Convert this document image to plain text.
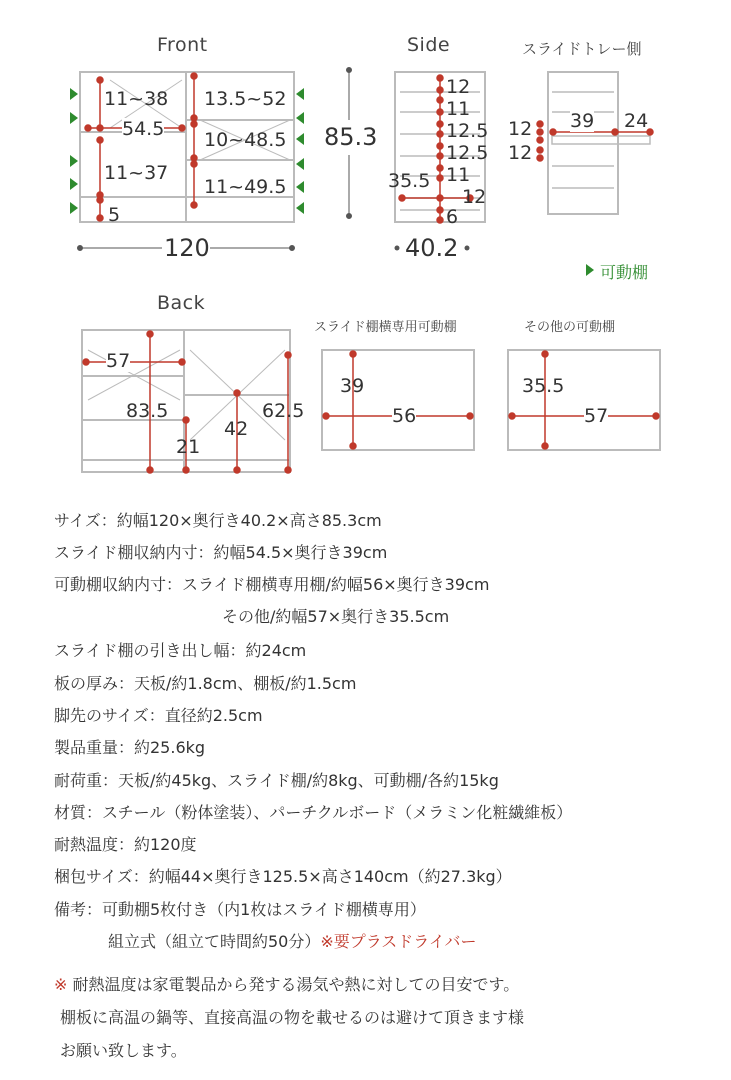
Front	Side	スライドトレー側
11~38
54.5
13.5~52
10~48.5
11~37
11~49.5
5
120
85.3
12
11
12.5
12.5
11
35.5
12
6
40.2
39 24
12
12
可動棚
Back
スライド棚横専用可動棚	その他の可動棚
57
83.5
21
42
62.5
39
56
35.5
57
サイズ：約幅120×奥行き40.2×高さ85.3cm
スライド棚収納内寸：約幅54.5×奥行き39cm
可動棚収納内寸：スライド棚横専用棚/約幅56×奥行き39cm
その他/約幅57×奥行き35.5cm
スライド棚の引き出し幅：約24cm
板の厚み：天板/約1.8cm、棚板/約1.5cm
脚先のサイズ：直径約2.5cm
製品重量：約25.6kg
耐荷重：天板/約45kg、スライド棚/約8kg、可動棚/各約15kg
材質：スチール（粉体塗装）、パーチクルボード（メラミン化粧繊維板）
耐熱温度：約120度
梱包サイズ：約幅44×奥行き125.5×高さ140cm（約27.3kg）
備考：可動棚5枚付き（内1枚はスライド棚横専用）
組立式（組立て時間約50分）※要プラスドライバー
※ 耐熱温度は家電製品から発する湯気や熱に対しての目安です。
棚板に高温の鍋等、直接高温の物を載せるのは避けて頂きます様
お願い致します。
